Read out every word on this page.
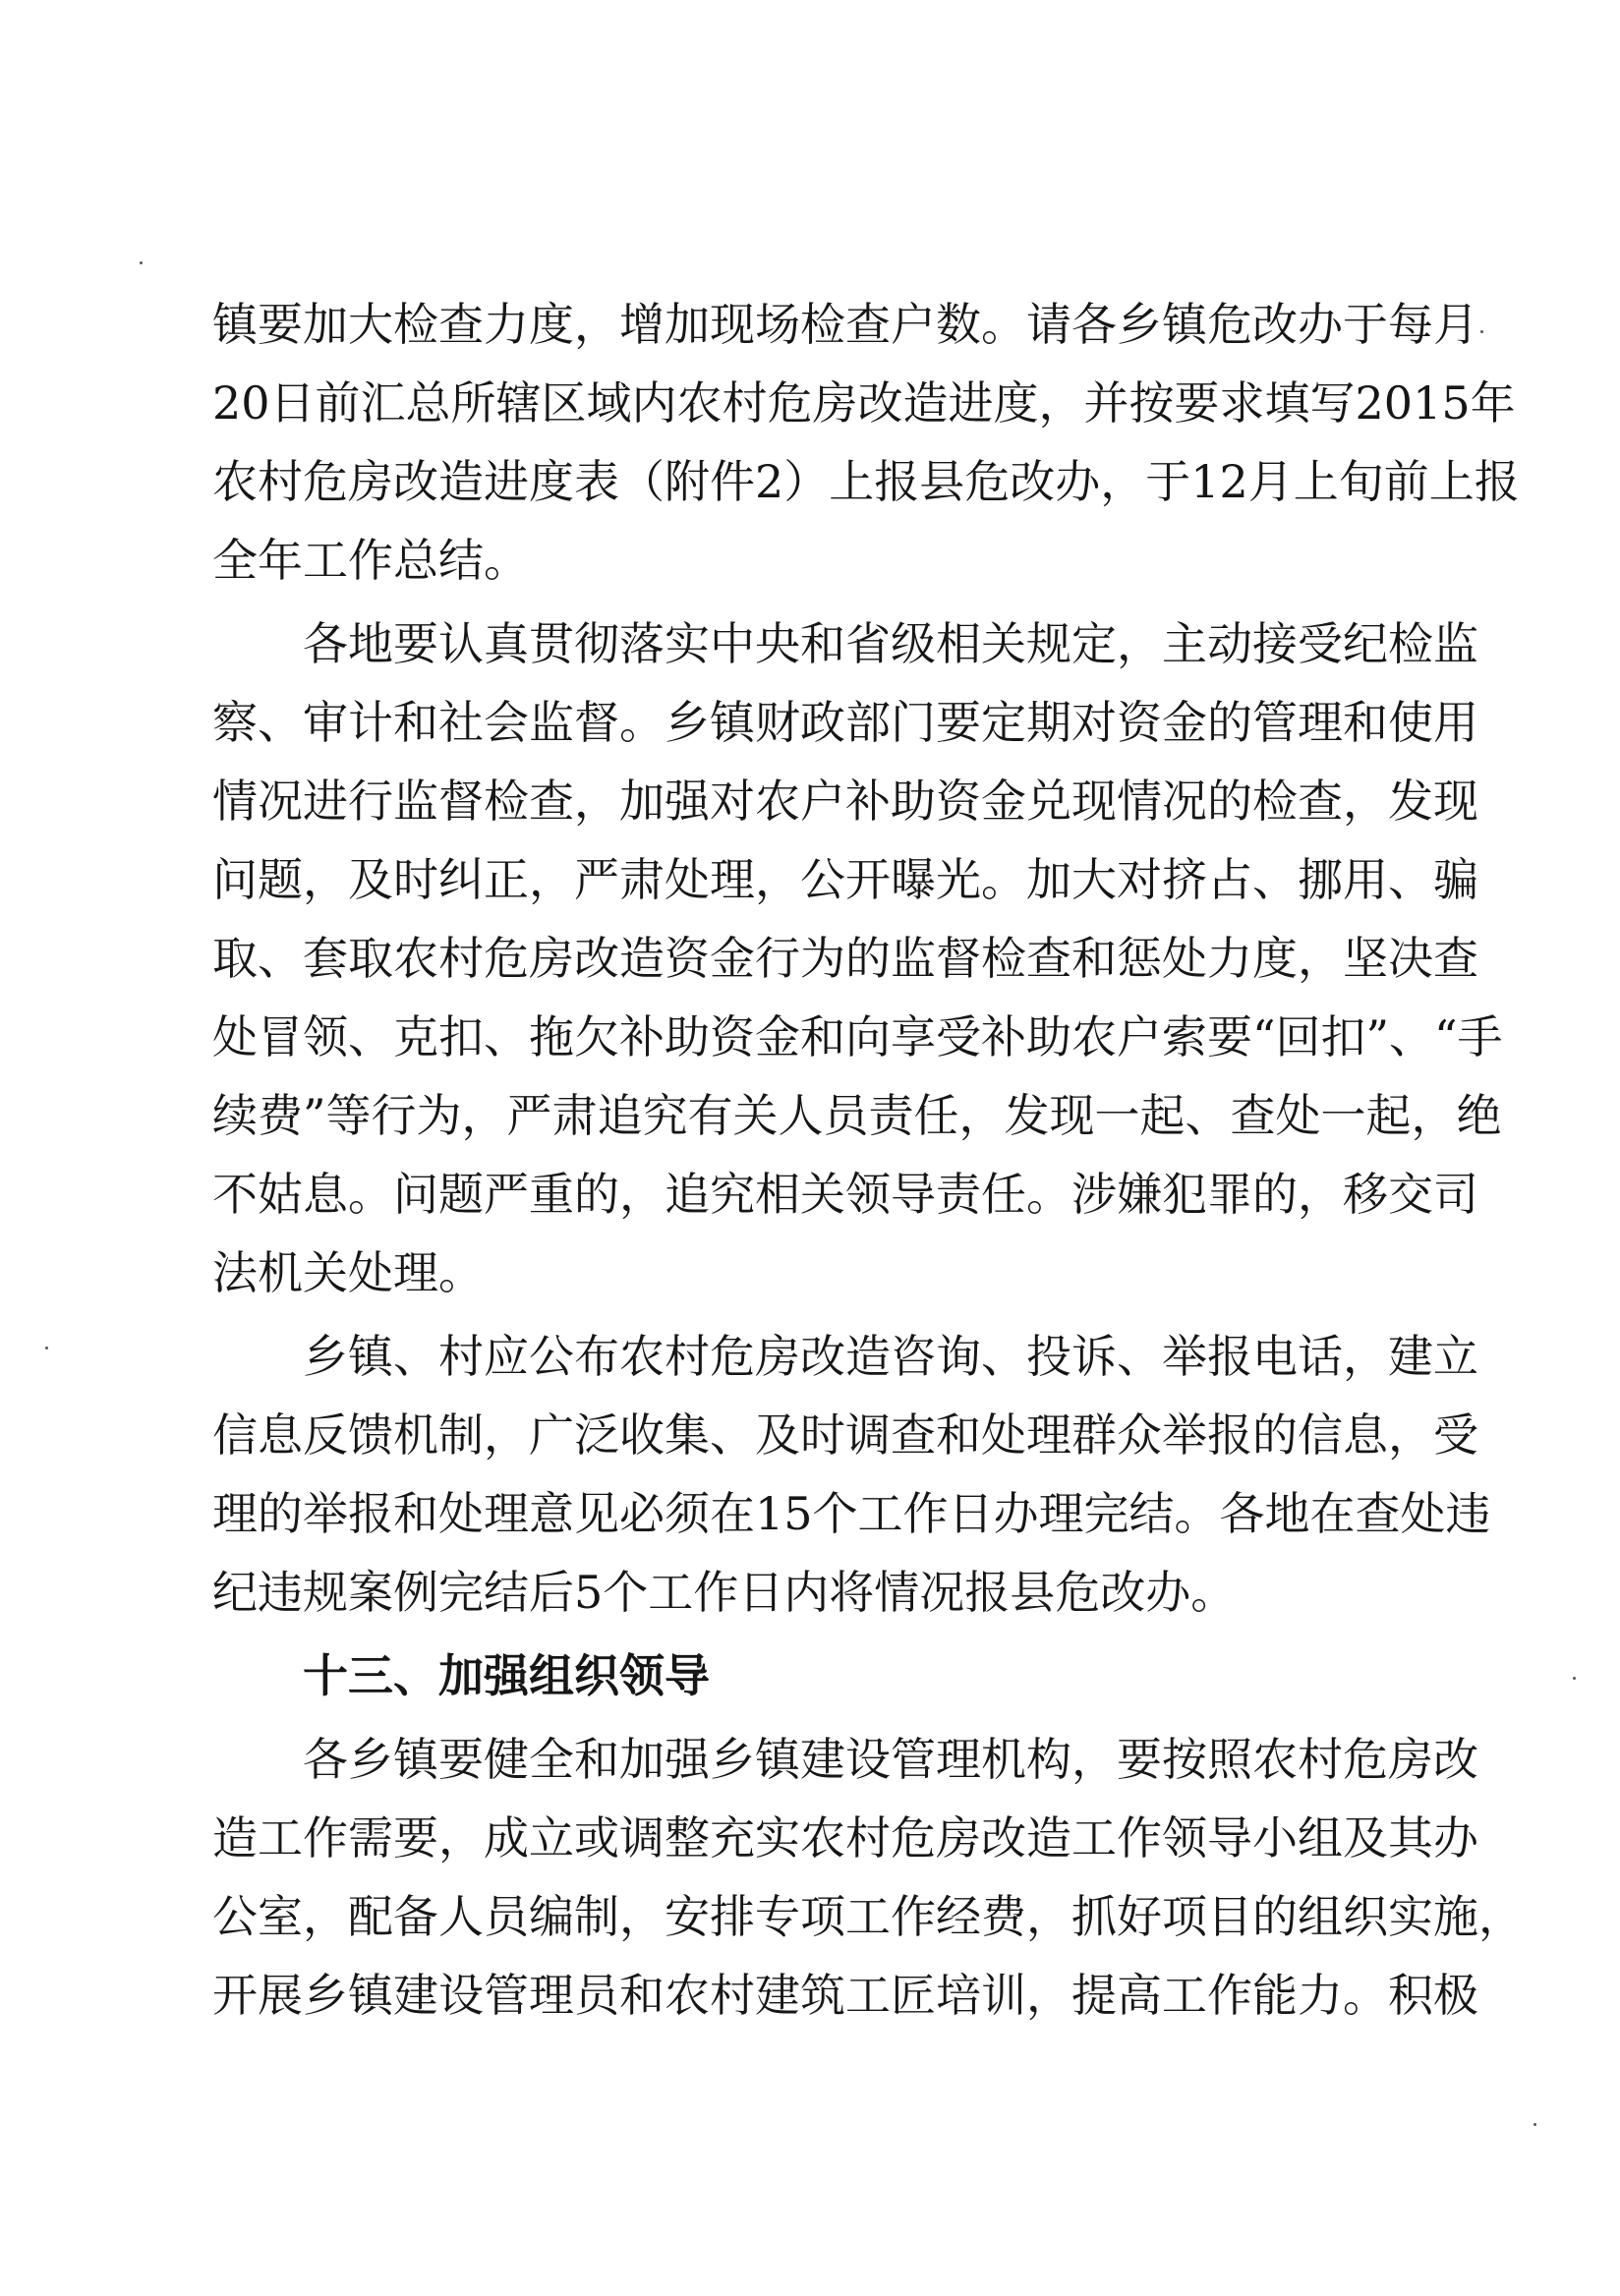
镇要加大检查力度，增加现场检查户数。请各乡镇危改办于每月
20日前汇总所辖区域内农村危房改造进度，并按要求填写2015年
农村危房改造进度表（附件2）上报县危改办，于12月上旬前上报
全年工作总结。
各地要认真贯彻落实中央和省级相关规定，主动接受纪检监
察、审计和社会监督。乡镇财政部门要定期对资金的管理和使用
情况进行监督检查，加强对农户补助资金兑现情况的检查，发现
问题，及时纠正，严肃处理，公开曝光。加大对挤占、挪用、骗
取、套取农村危房改造资金行为的监督检查和惩处力度，坚决查
处冒领、克扣、拖欠补助资金和向享受补助农户索要“回扣”、“手
续费”等行为，严肃追究有关人员责任，发现一起、查处一起，绝
不姑息。问题严重的，追究相关领导责任。涉嫌犯罪的，移交司
法机关处理。
乡镇、村应公布农村危房改造咨询、投诉、举报电话，建立
信息反馈机制，广泛收集、及时调查和处理群众举报的信息，受
理的举报和处理意见必须在15个工作日办理完结。各地在查处违
纪违规案例完结后5个工作日内将情况报县危改办。
十三、加强组织领导
各乡镇要健全和加强乡镇建设管理机构，要按照农村危房改
造工作需要，成立或调整充实农村危房改造工作领导小组及其办
公室，配备人员编制，安排专项工作经费，抓好项目的组织实施，
开展乡镇建设管理员和农村建筑工匠培训，提高工作能力。积极
